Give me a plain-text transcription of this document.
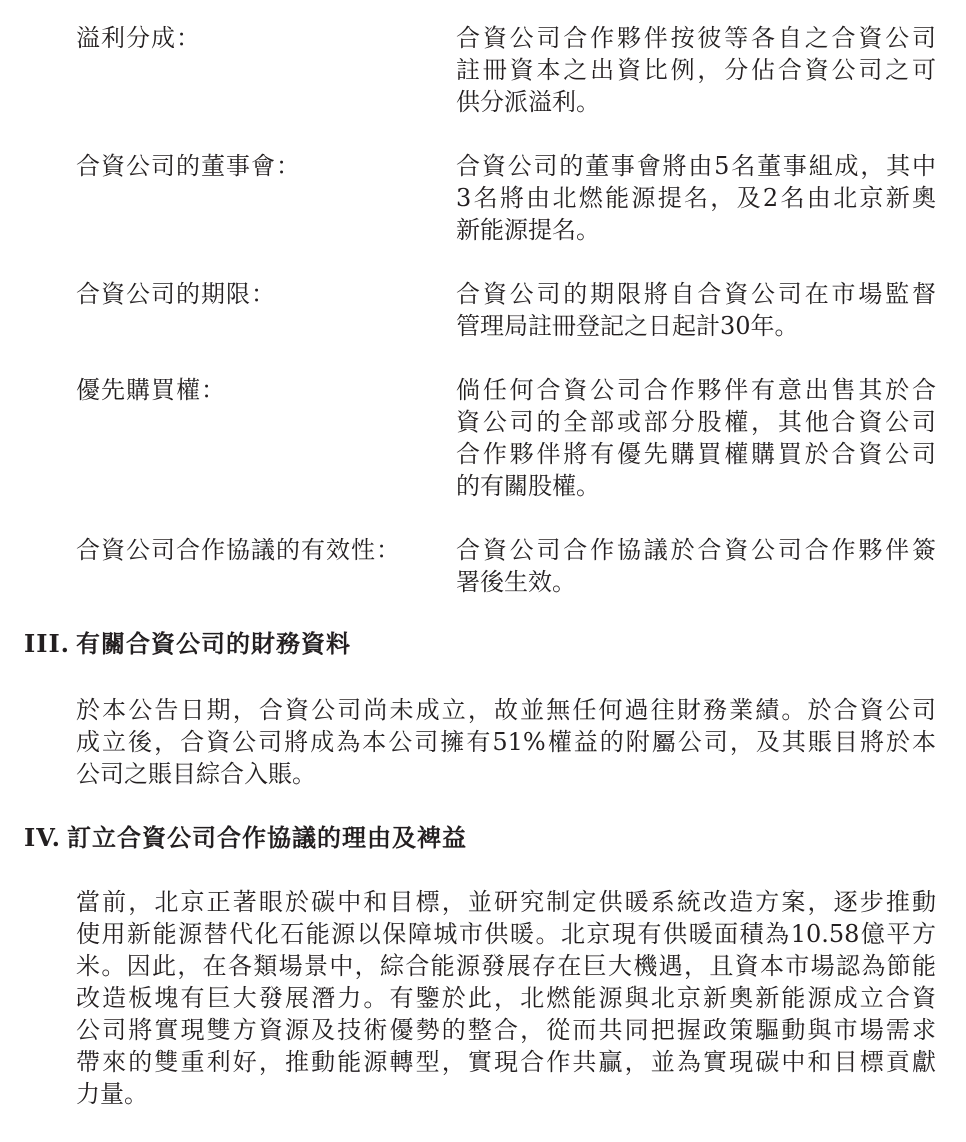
溢利分成：	合資公司合作夥伴按彼等各自之合資公司
註冊資本之出資比例，分佔合資公司之可
供分派溢利。
合資公司的董事會：	合資公司的董事會將由5名董事組成，其中
3名將由北燃能源提名，及2名由北京新奧
新能源提名。
合資公司的期限：	合資公司的期限將自合資公司在市場監督
管理局註冊登記之日起計30年。
優先購買權：	倘任何合資公司合作夥伴有意出售其於合
資公司的全部或部分股權，其他合資公司
合作夥伴將有優先購買權購買於合資公司
的有關股權。
合資公司合作協議的有效性： 合資公司合作協議於合資公司合作夥伴簽
署後生效。
III. 有關合資公司的財務資料
於本公告日期，合資公司尚未成立，故並無任何過往財務業績。於合資公司
成立後，合資公司將成為本公司擁有51%權益的附屬公司，及其賬目將於本
公司之賬目綜合入賬。
IV. 訂立合資公司合作協議的理由及裨益
當前，北京正著眼於碳中和目標，並研究制定供暖系統改造方案，逐步推動
使用新能源替代化石能源以保障城市供暖。北京現有供暖面積為10.58億平方
米。因此，在各類場景中，綜合能源發展存在巨大機遇，且資本市場認為節能
改造板塊有巨大發展潛力。有鑒於此，北燃能源與北京新奧新能源成立合資
公司將實現雙方資源及技術優勢的整合，從而共同把握政策驅動與市場需求
帶來的雙重利好，推動能源轉型，實現合作共贏，並為實現碳中和目標貢獻
力量。
